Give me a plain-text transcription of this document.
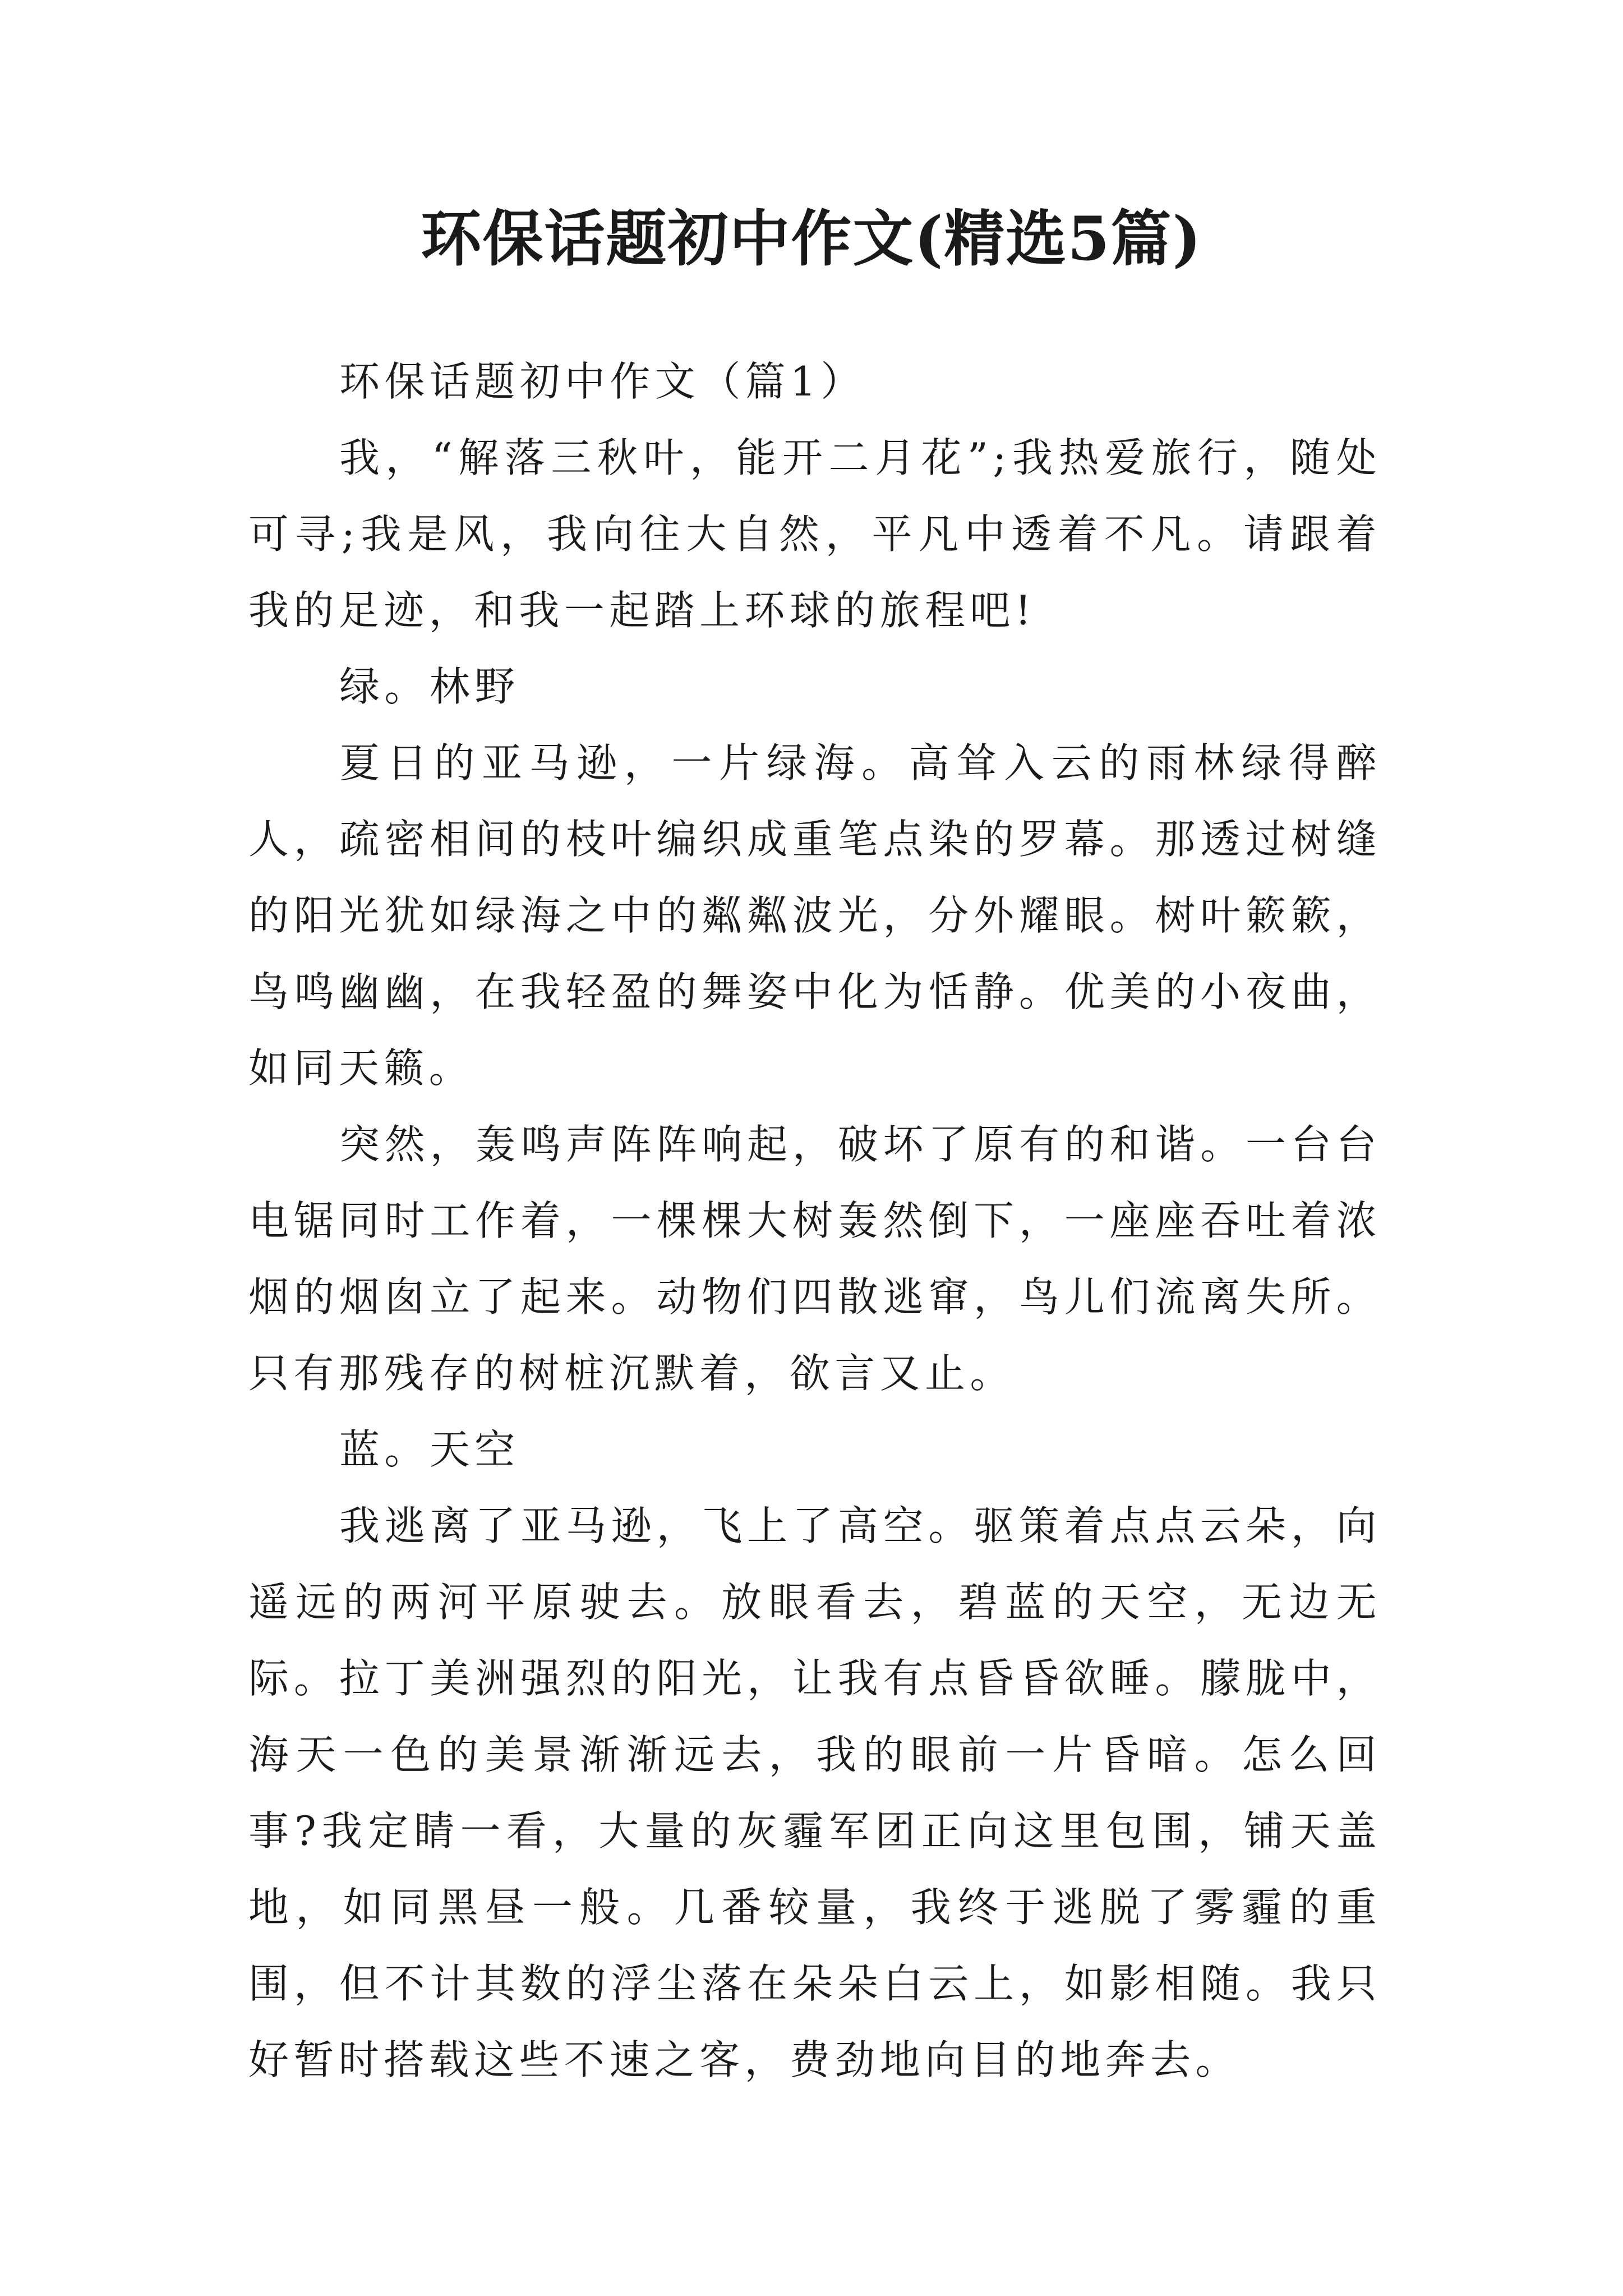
环保话题初中作文(精选5篇)

环保话题初中作文（篇1）

我，“解落三秋叶，能开二月花”;我热爱旅行，随处可寻;我是风，我向往大自然，平凡中透着不凡。请跟着我的足迹，和我一起踏上环球的旅程吧!

绿。林野

夏日的亚马逊，一片绿海。高耸入云的雨林绿得醉人，疏密相间的枝叶编织成重笔点染的罗幕。那透过树缝的阳光犹如绿海之中的粼粼波光，分外耀眼。树叶簌簌，鸟鸣幽幽，在我轻盈的舞姿中化为恬静。优美的小夜曲，如同天籁。

突然，轰鸣声阵阵响起，破坏了原有的和谐。一台台电锯同时工作着，一棵棵大树轰然倒下，一座座吞吐着浓烟的烟囱立了起来。动物们四散逃窜，鸟儿们流离失所。只有那残存的树桩沉默着，欲言又止。

蓝。天空

我逃离了亚马逊，飞上了高空。驱策着点点云朵，向遥远的两河平原驶去。放眼看去，碧蓝的天空，无边无际。拉丁美洲强烈的阳光，让我有点昏昏欲睡。朦胧中，海天一色的美景渐渐远去，我的眼前一片昏暗。怎么回事?我定睛一看，大量的灰霾军团正向这里包围，铺天盖地，如同黑昼一般。几番较量，我终于逃脱了雾霾的重围，但不计其数的浮尘落在朵朵白云上，如影相随。我只好暂时搭载这些不速之客，费劲地向目的地奔去。
